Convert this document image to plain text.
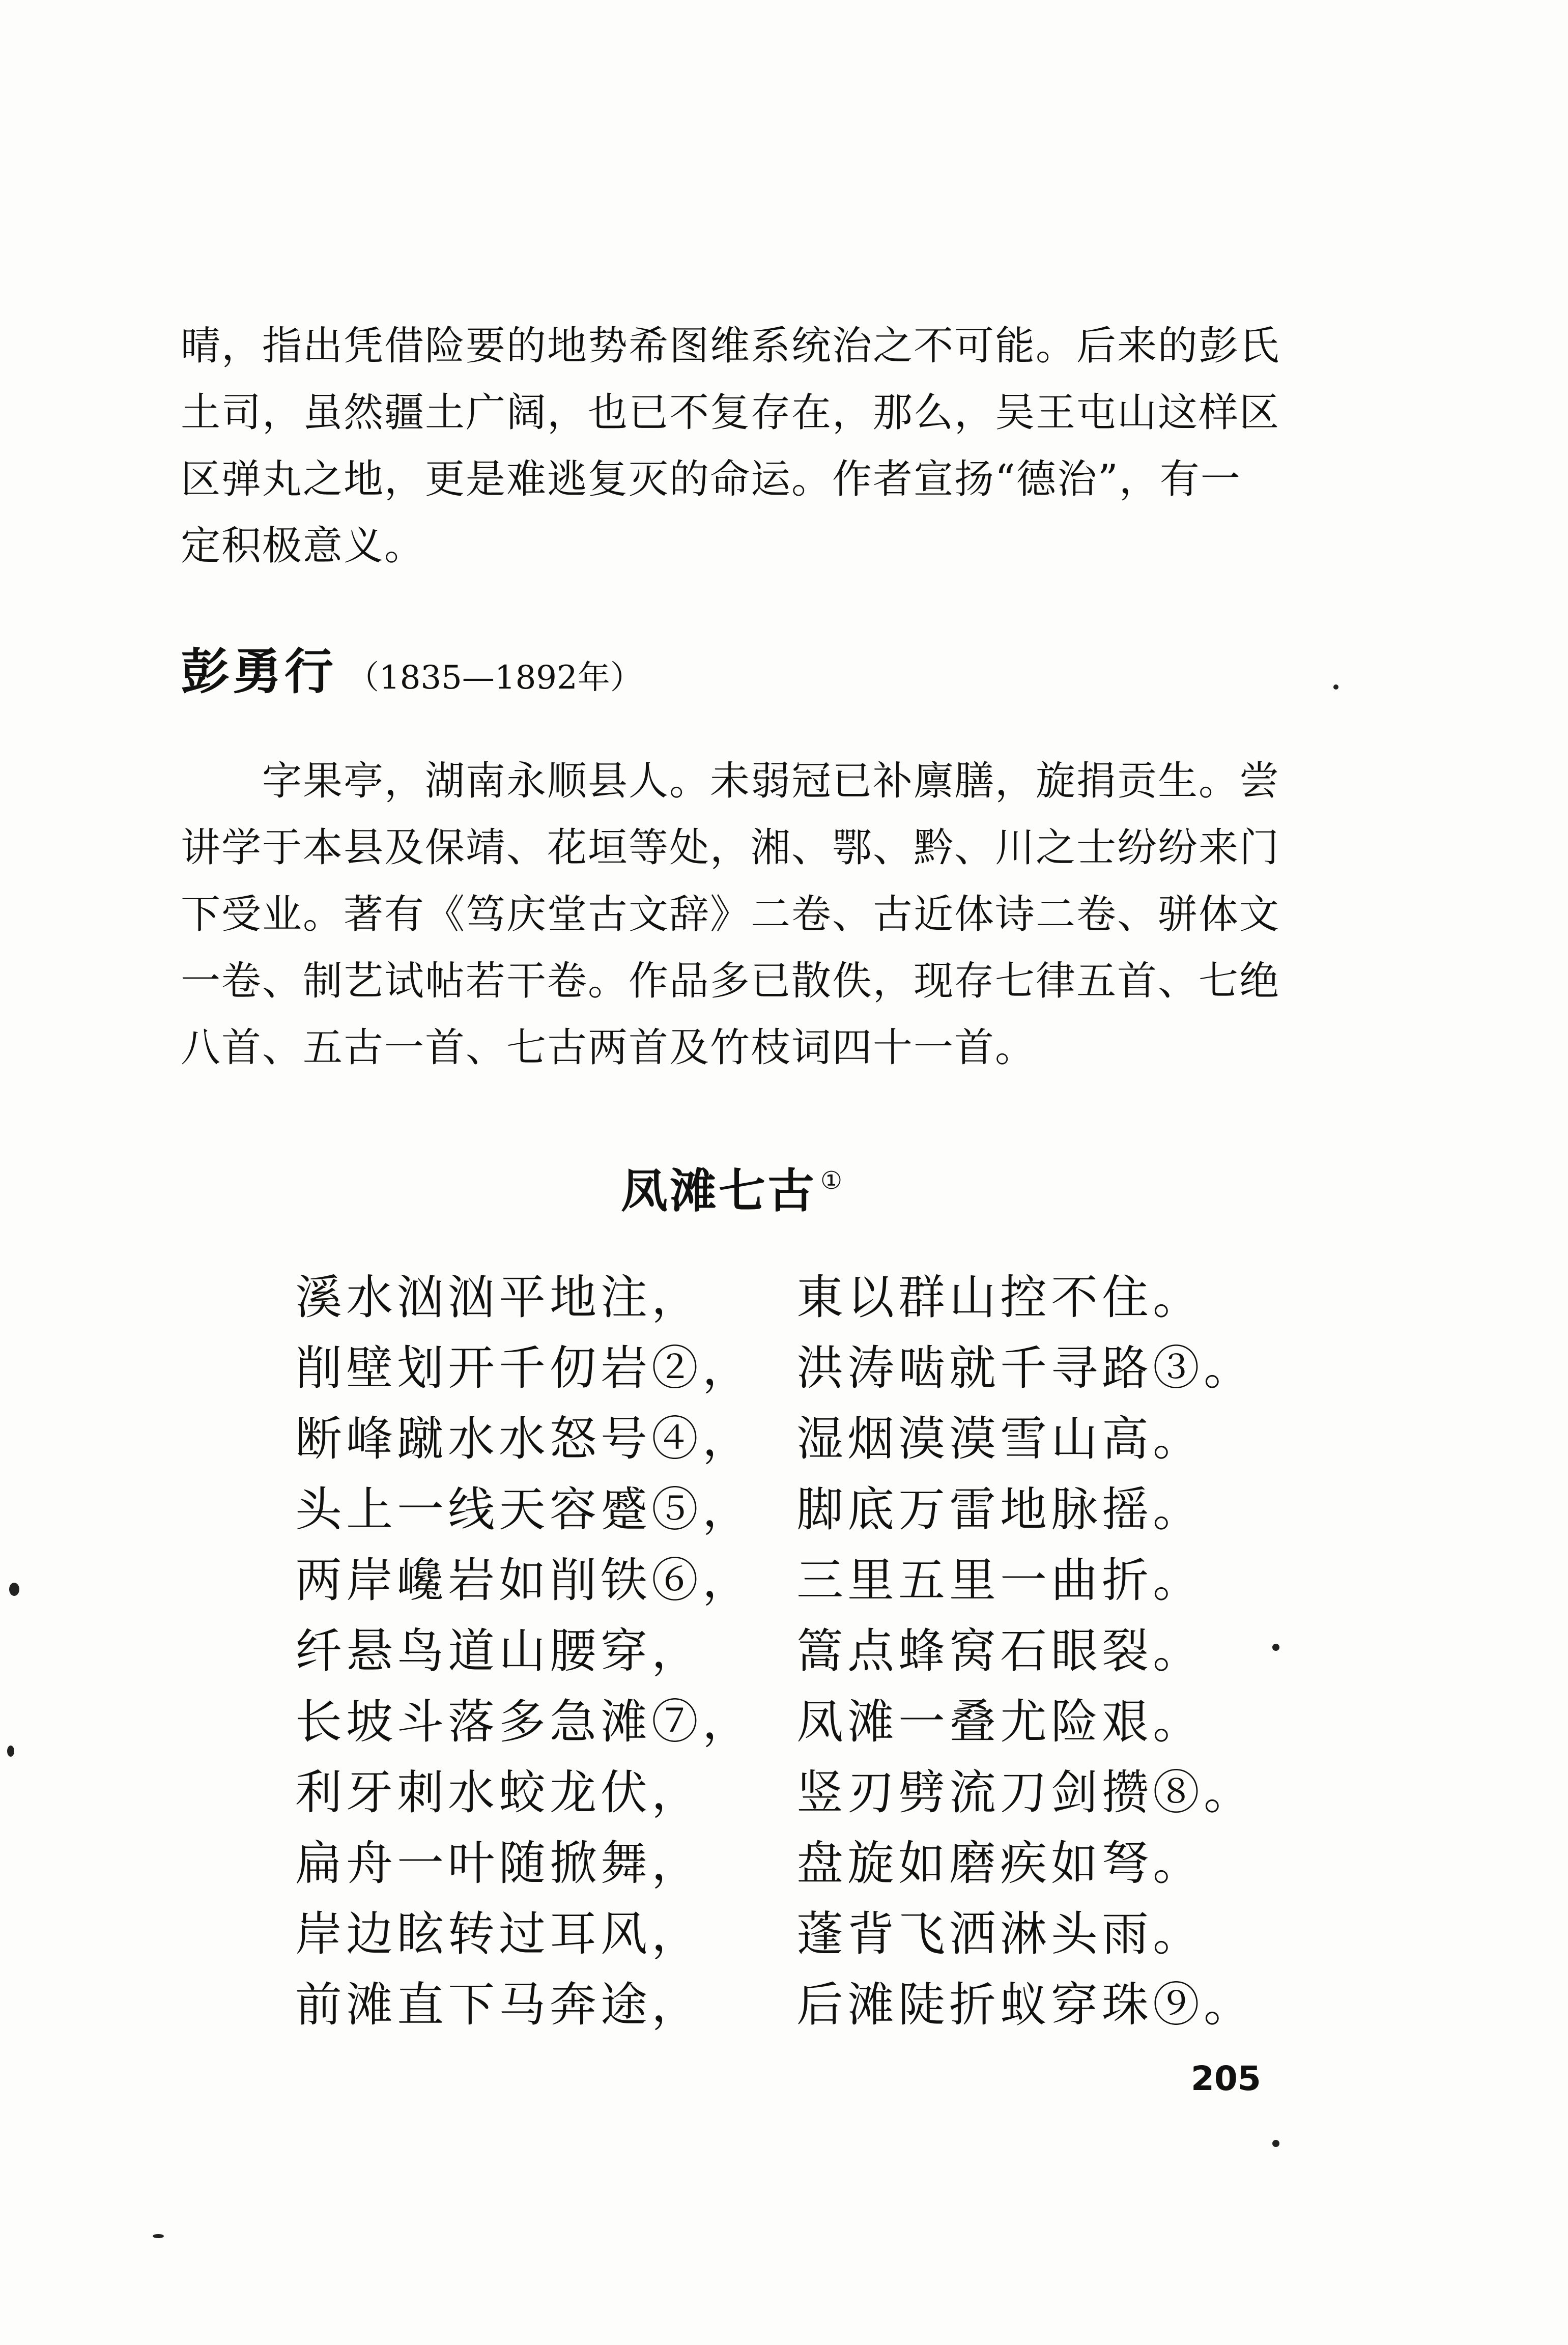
晴，指出凭借险要的地势希图维系统治之不可能。后来的彭氏
土司，虽然疆土广阔，也已不复存在，那么，吴王屯山这样区
区弹丸之地，更是难逃复灭的命运。作者宣扬“德治”，有一
定积极意义。
彭勇行 （1835—1892年）
字果亭，湖南永顺县人。未弱冠已补廪膳，旋捐贡生。尝
讲学于本县及保靖、花垣等处，湘、鄂、黔、川之士纷纷来门
下受业。著有《笃庆堂古文辞》二卷、古近体诗二卷、骈体文
一卷、制艺试帖若干卷。作品多已散佚，现存七律五首、七绝
八首、五古一首、七古两首及竹枝词四十一首。
凤滩七古 ①
溪水汹汹平地注， 東以群山控不住。
削壁划开千仞岩②， 洪涛啮就千寻路③。
断峰蹴水水怒号④， 湿烟漠漠雪山高。
头上一线天容蹙⑤， 脚底万雷地脉摇。
两岸巉岩如削铁⑥， 三里五里一曲折。
纤悬鸟道山腰穿， 篙点蜂窝石眼裂。
长坡斗落多急滩⑦， 凤滩一叠尤险艰。
利牙刺水蛟龙伏， 竖刃劈流刀剑攒⑧。
扁舟一叶随掀舞， 盘旋如磨疾如弩。
岸边眩转过耳风， 蓬背飞洒淋头雨。
前滩直下马奔途， 后滩陡折蚁穿珠⑨。
205
